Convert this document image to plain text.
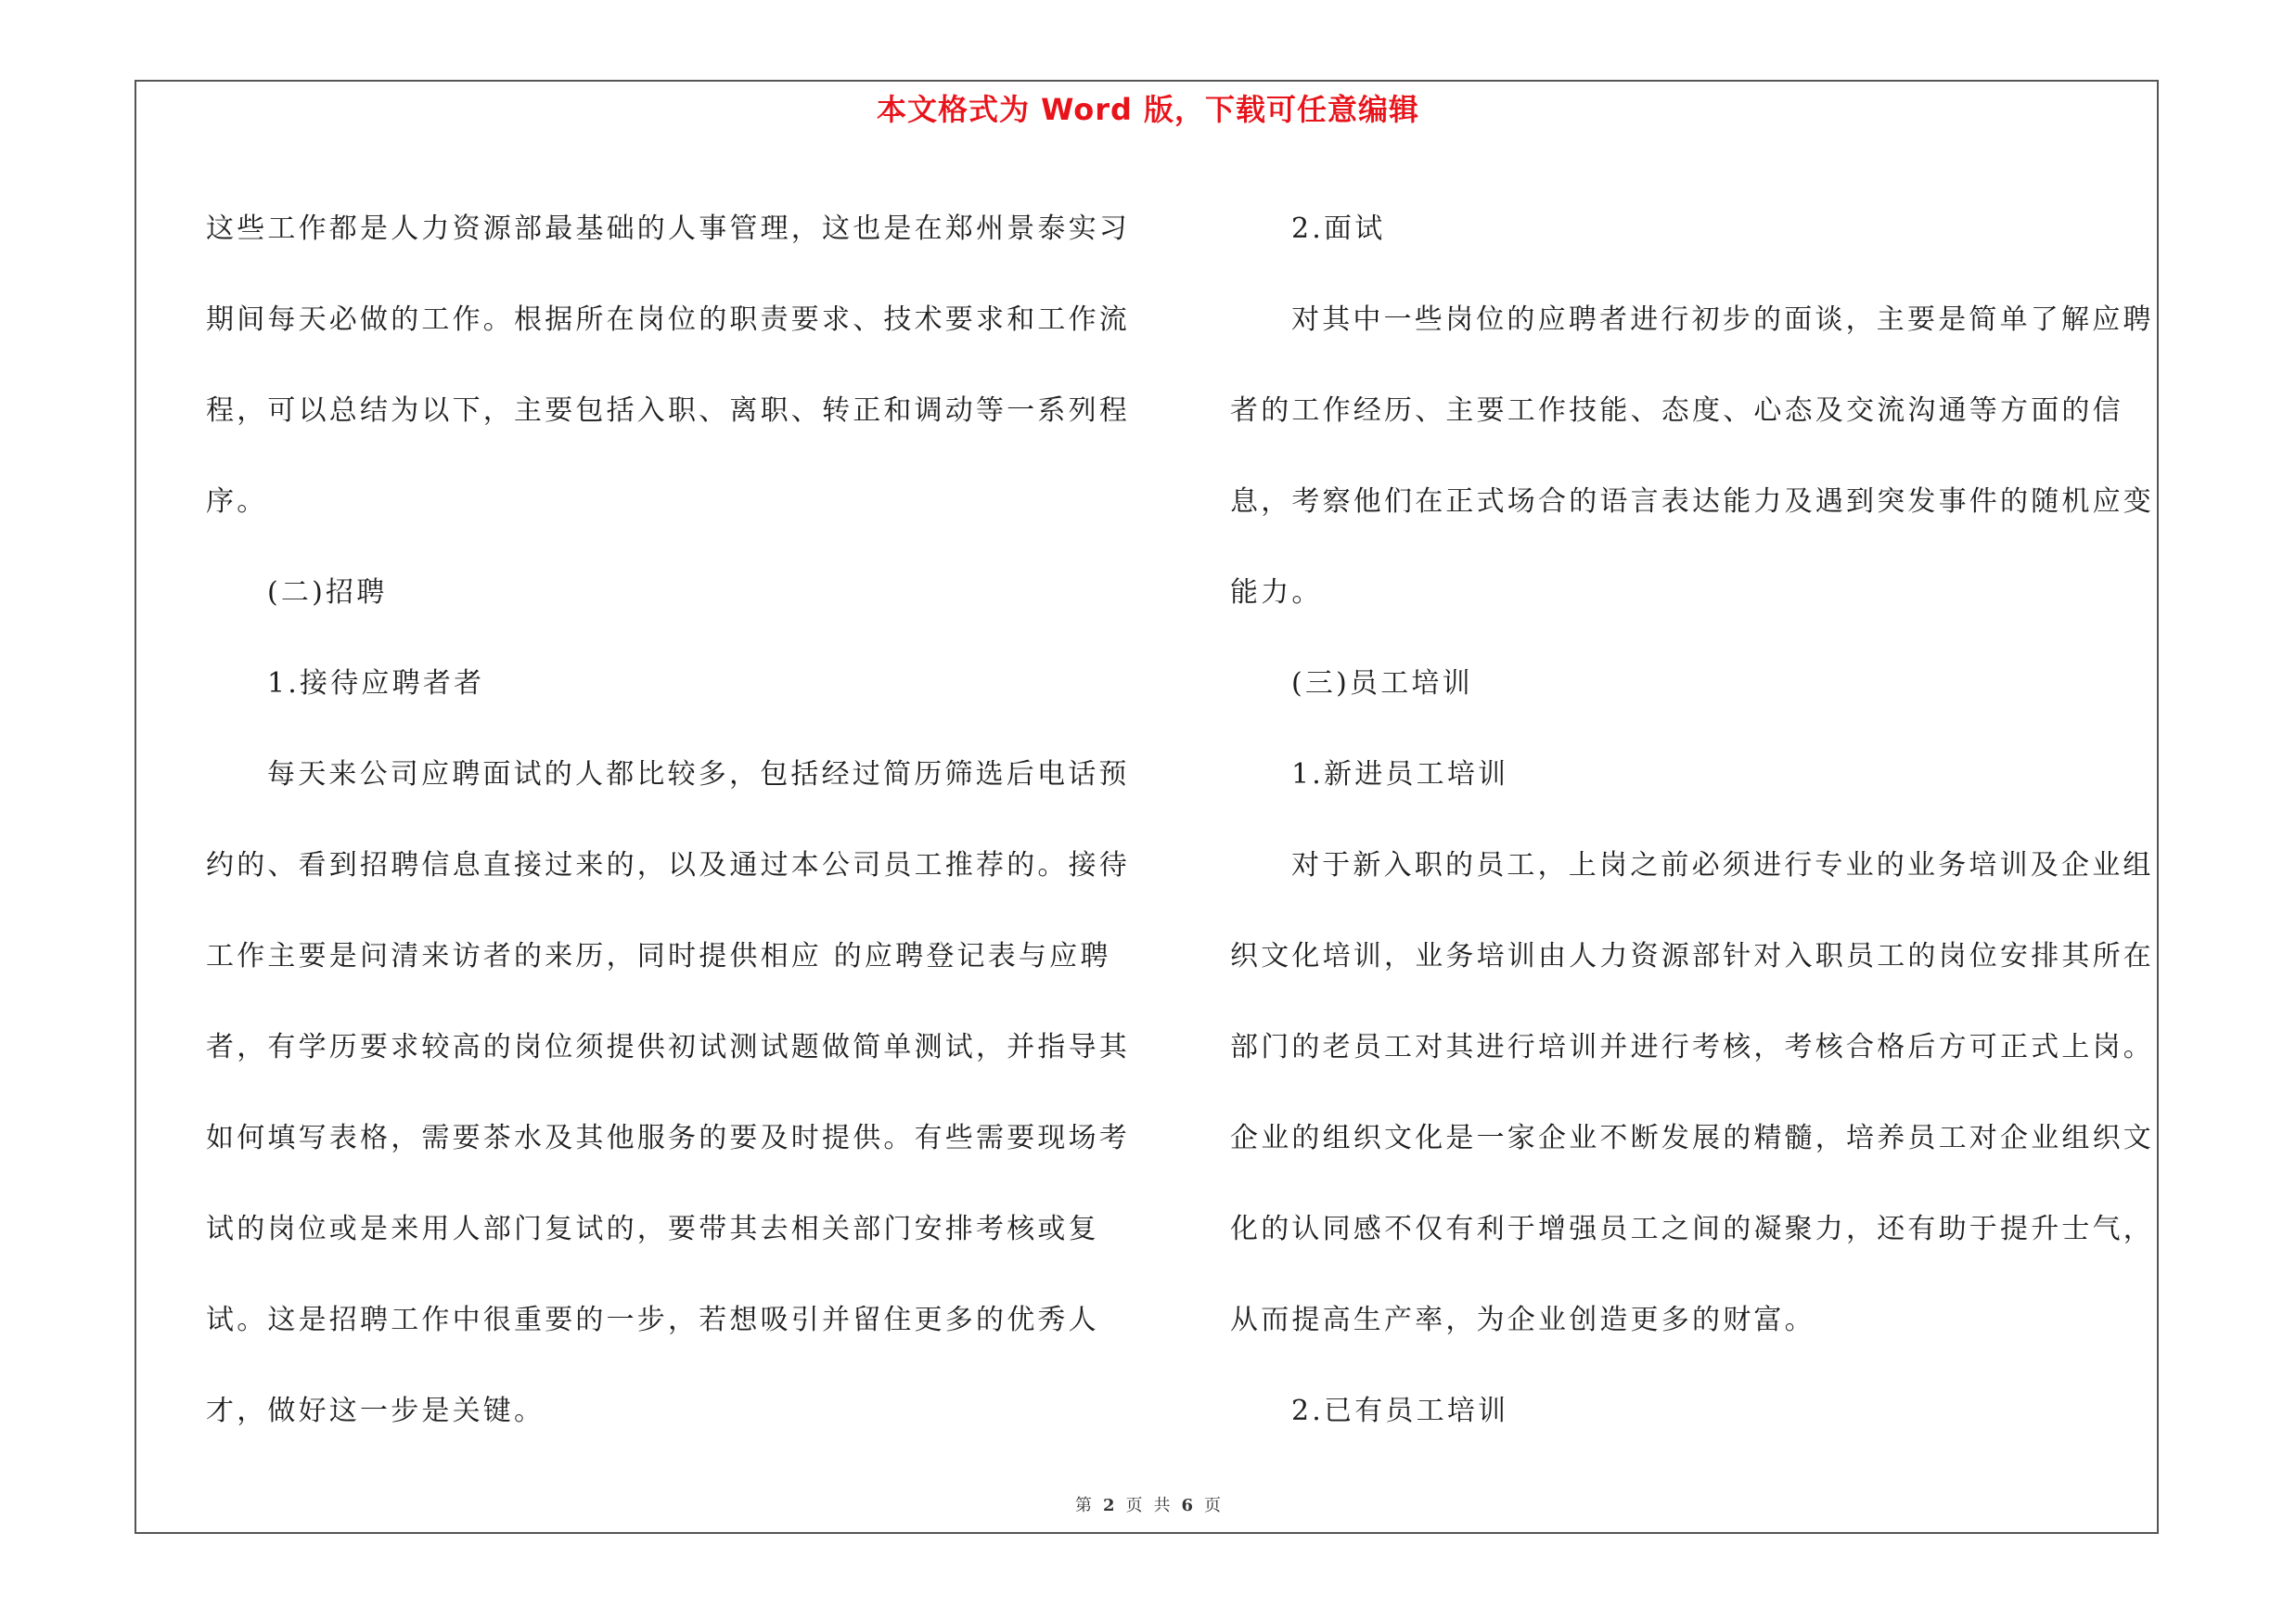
本文格式为 Word 版，下载可任意编辑

这些工作都是人力资源部最基础的人事管理，这也是在郑州景泰实习期间每天必做的工作。根据所在岗位的职责要求、技术要求和工作流程，可以总结为以下，主要包括入职、离职、转正和调动等一系列程序。

(二)招聘

1.接待应聘者者

每天来公司应聘面试的人都比较多，包括经过简历筛选后电话预约的、看到招聘信息直接过来的，以及通过本公司员工推荐的。接待工作主要是问清来访者的来历，同时提供相应 的应聘登记表与应聘者，有学历要求较高的岗位须提供初试测试题做简单测试，并指导其如何填写表格，需要茶水及其他服务的要及时提供。有些需要现场考试的岗位或是来用人部门复试的，要带其去相关部门安排考核或复试。这是招聘工作中很重要的一步，若想吸引并留住更多的优秀人才，做好这一步是关键。

2.面试

对其中一些岗位的应聘者进行初步的面谈，主要是简单了解应聘者的工作经历、主要工作技能、态度、心态及交流沟通等方面的信息，考察他们在正式场合的语言表达能力及遇到突发事件的随机应变能力。

(三)员工培训

1.新进员工培训

对于新入职的员工，上岗之前必须进行专业的业务培训及企业组织文化培训，业务培训由人力资源部针对入职员工的岗位安排其所在部门的老员工对其进行培训并进行考核，考核合格后方可正式上岗。企业的组织文化是一家企业不断发展的精髓，培养员工对企业组织文化的认同感不仅有利于增强员工之间的凝聚力，还有助于提升士气，从而提高生产率，为企业创造更多的财富。

2.已有员工培训

第 2 页 共 6 页
